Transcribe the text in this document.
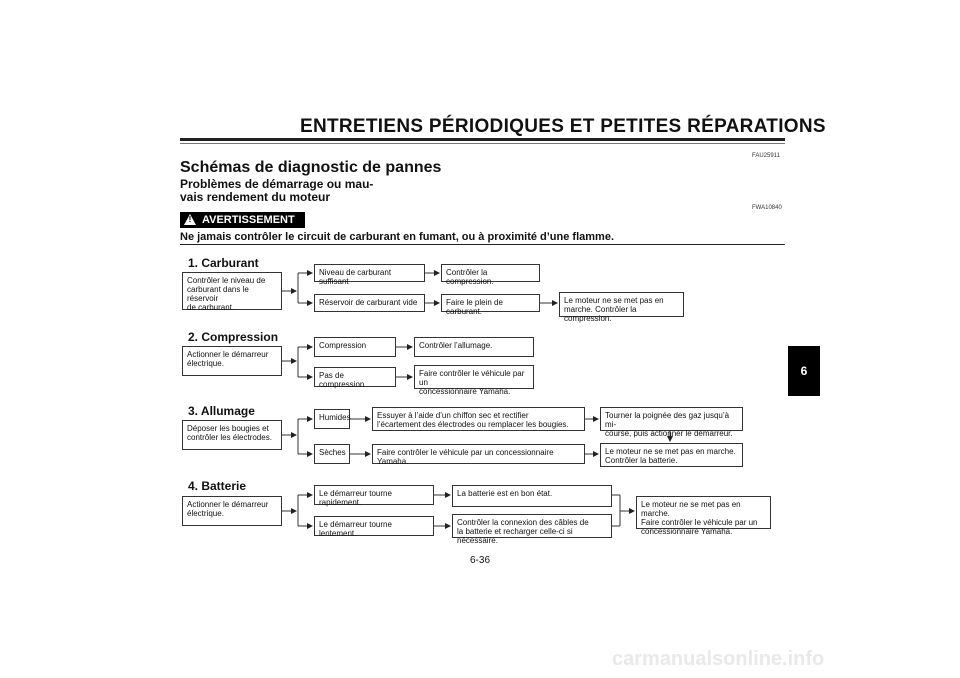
ENTRETIENS PÉRIODIQUES ET PETITES RÉPARATIONS
FAU25911
Schémas de diagnostic de pannes
Problèmes de démarrage ou mau-
vais rendement du moteur
FWA10840
! AVERTISSEMENT
Ne jamais contrôler le circuit de carburant en fumant, ou à proximité d’une flamme.
1. Carburant
Contrôler le niveau de
carburant dans le réservoir
de carburant.
Niveau de carburant suffisant
Contrôler la compression.
Réservoir de carburant vide	Faire le plein de carburant.
Le moteur ne se met pas en
marche. Contrôler la compression.
2. Compression
Actionner le démarreur
électrique.
Compression	Contrôler l’allumage.
Pas de compression
Faire contrôler le véhicule par un
concessionnaire Yamaha.
3. Allumage
Déposer les bougies et
contrôler les électrodes.
Humides	Essuyer à l’aide d’un chiffon sec et rectifier
l’écartement des électrodes ou remplacer les bougies.
Tourner la poignée des gaz jusqu’à mi-
course, puis actionner le démarreur.
Sèches	Faire contrôler le véhicule par un concessionnaire Yamaha.
Le moteur ne se met pas en marche.
Contrôler la batterie.
4. Batterie
Actionner le démarreur
électrique.
Le démarreur tourne rapidement.
La batterie est en bon état.
Le démarreur tourne lentement.
Contrôler la connexion des câbles de
la batterie et recharger celle-ci si nécessaire.
Le moteur ne se met pas en marche.
Faire contrôler le véhicule par un
concessionnaire Yamaha.
6
6-36
carmanualsonline.info
